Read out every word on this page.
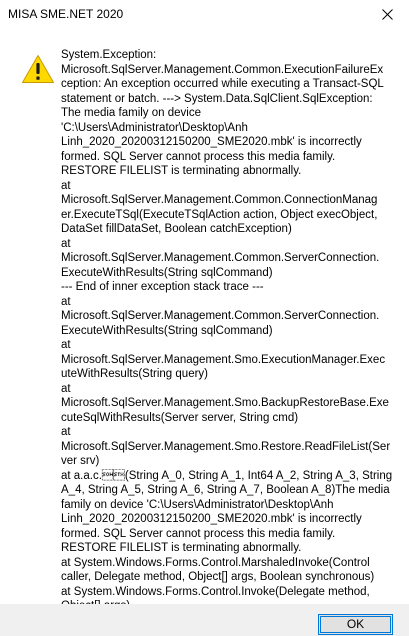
MISA SME.NET 2020
System.Exception:
Microsoft.SqlServer.Management.Common.ExecutionFailureEx
ception: An exception occurred while executing a Transact-SQL
statement or batch. ---> System.Data.SqlClient.SqlException:
The media family on device
'C:\Users\Administrator\Desktop\Anh
Linh_2020_20200312150200_SME2020.mbk' is incorrectly
formed. SQL Server cannot process this media family.
RESTORE FILELIST is terminating abnormally.
at
Microsoft.SqlServer.Management.Common.ConnectionManag
er.ExecuteTSql(ExecuteTSqlAction action, Object execObject,
DataSet fillDataSet, Boolean catchException)
at
Microsoft.SqlServer.Management.Common.ServerConnection.
ExecuteWithResults(String sqlCommand)
--- End of inner exception stack trace ---
at
Microsoft.SqlServer.Management.Common.ServerConnection.
ExecuteWithResults(String sqlCommand)
at
Microsoft.SqlServer.Management.Smo.ExecutionManager.Exec
uteWithResults(String query)
at
Microsoft.SqlServer.Management.Smo.BackupRestoreBase.Exe
cuteSqlWithResults(Server server, String cmd)
at
Microsoft.SqlServer.Management.Smo.Restore.ReadFileList(Ser
ver srv)
at a.a.c.(String A_0, String A_1, Int64 A_2, String A_3, String
A_4, String A_5, String A_6, String A_7, Boolean A_8)The media
family on device 'C:\Users\Administrator\Desktop\Anh
Linh_2020_20200312150200_SME2020.mbk' is incorrectly
formed. SQL Server cannot process this media family.
RESTORE FILELIST is terminating abnormally.
at System.Windows.Forms.Control.MarshaledInvoke(Control
caller, Delegate method, Object[] args, Boolean synchronous)
at System.Windows.Forms.Control.Invoke(Delegate method,
OK
